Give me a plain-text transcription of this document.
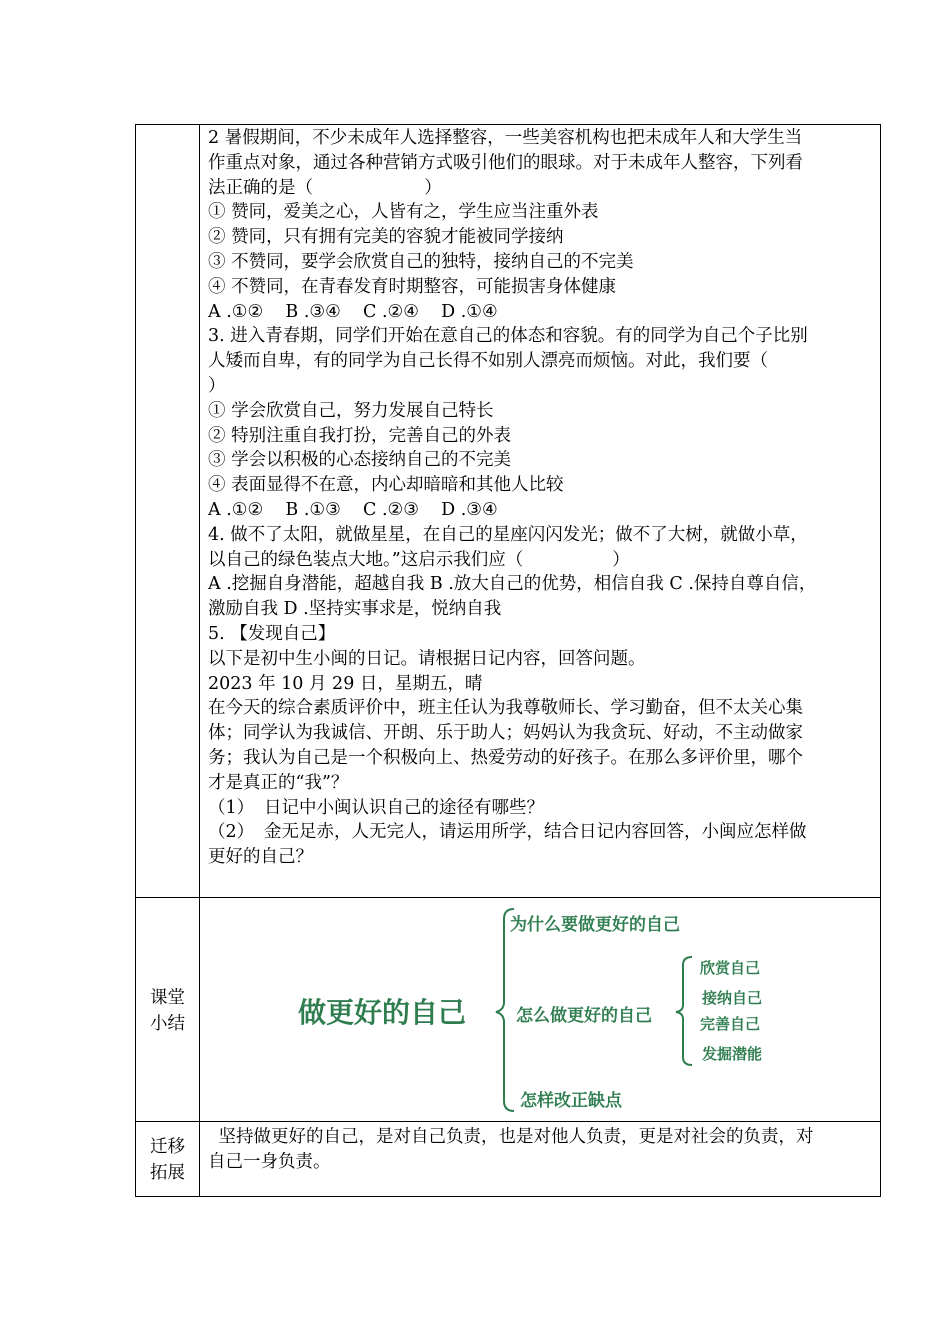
2 暑假期间，不少未成年人选择整容，一些美容机构也把未成年人和大学生当

作重点对象，通过各种营销方式吸引他们的眼球。对于未成年人整容，下列看

法正确的是（                    ）

① 赞同，爱美之心，人皆有之，学生应当注重外表

② 赞同，只有拥有完美的容貌才能被同学接纳

③ 不赞同，要学会欣赏自己的独特，接纳自己的不完美

④ 不赞同，在青春发育时期整容，可能损害身体健康

A .①②    B .③④    C .②④    D .①④

3. 进入青春期，同学们开始在意自己的体态和容貌。有的同学为自己个子比别

人矮而自卑，有的同学为自己长得不如别人漂亮而烦恼。对此，我们要（

）

① 学会欣赏自己，努力发展自己特长

② 特别注重自我打扮，完善自己的外表

③ 学会以积极的心态接纳自己的不完美

④ 表面显得不在意，内心却暗暗和其他人比较

A .①②    B .①③    C .②③    D .③④

4. 做不了太阳，就做星星，在自己的星座闪闪发光；做不了大树，就做小草，

以自己的绿色装点大地。”这启示我们应（                ）

A .挖掘自身潜能，超越自我 B .放大自己的优势，相信自我 C .保持自尊自信，

激励自我 D .坚持实事求是，悦纳自我

5. 【发现自己】

以下是初中生小闽的日记。请根据日记内容，回答问题。

2023 年 10 月 29 日，星期五，晴

在今天的综合素质评价中，班主任认为我尊敬师长、学习勤奋，但不太关心集

体；同学认为我诚信、开朗、乐于助人；妈妈认为我贪玩、好动，不主动做家

务；我认为自己是一个积极向上、热爱劳动的好孩子。在那么多评价里，哪个

才是真正的“我”？

（1） 日记中小闽认识自己的途径有哪些？

（2） 金无足赤，人无完人，请运用所学，结合日记内容回答，小闽应怎样做

更好的自己？

课堂
小结	做更好的自己
为什么要做更好的自己
怎么做更好的自己
怎样改正缺点
欣赏自己
接纳自己
完善自己
发掘潜能
迁移
拓展

坚持做更好的自己，是对自己负责，也是对他人负责，更是对社会的负责，对

自己一身负责。
